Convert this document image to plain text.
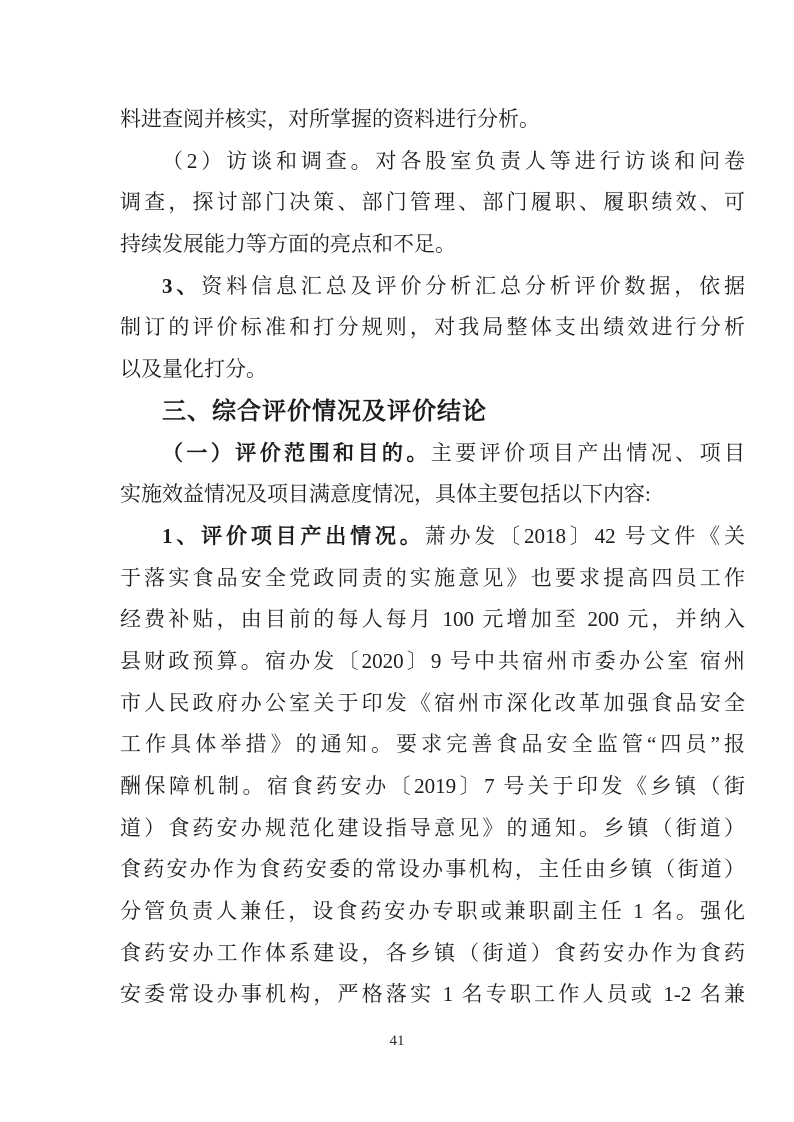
料进查阅并核实，对所掌握的资料进行分析。
（2）访谈和调查。对各股室负责人等进行访谈和问卷
调查，探讨部门决策、部门管理、部门履职、履职绩效、可
持续发展能力等方面的亮点和不足。
3、资料信息汇总及评价分析汇总分析评价数据，依据
制订的评价标准和打分规则，对我局整体支出绩效进行分析
以及量化打分。
三、综合评价情况及评价结论
（一）评价范围和目的。主要评价项目产出情况、项目
实施效益情况及项目满意度情况，具体主要包括以下内容:
1、评价项目产出情况。萧办发〔2018〕42 号文件《关
于落实食品安全党政同责的实施意见》也要求提高四员工作
经费补贴，由目前的每人每月 100 元增加至 200 元，并纳入
县财政预算。宿办发〔2020〕9 号中共宿州市委办公室 宿州
市人民政府办公室关于印发《宿州市深化改革加强食品安全
工作具体举措》的通知。要求完善食品安全监管“四员”报
酬保障机制。宿食药安办〔2019〕7 号关于印发《乡镇（街
道）食药安办规范化建设指导意见》的通知。乡镇（街道）
食药安办作为食药安委的常设办事机构，主任由乡镇（街道）
分管负责人兼任，设食药安办专职或兼职副主任 1 名。强化
食药安办工作体系建设，各乡镇（街道）食药安办作为食药
安委常设办事机构，严格落实 1 名专职工作人员或 1-2 名兼
41
